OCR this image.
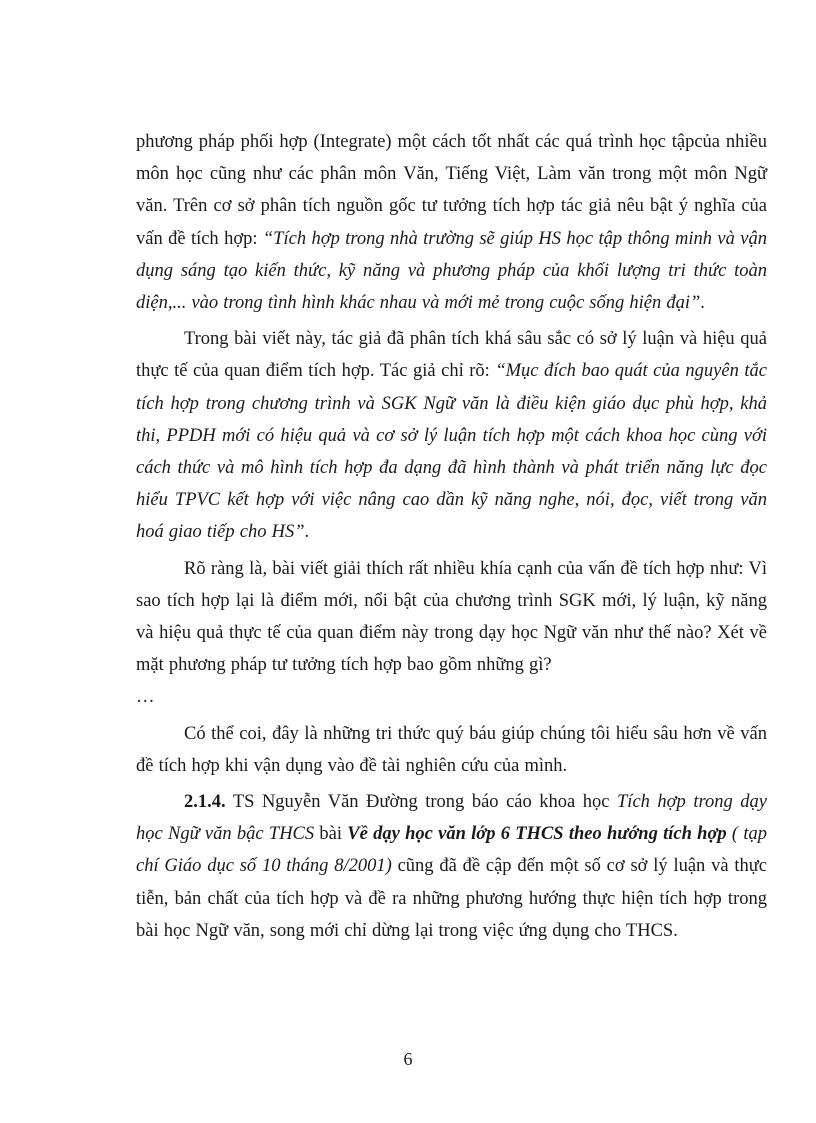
phương pháp phối hợp (Integrate) một cách tốt nhất các quá trình học tậpcủa nhiều môn học cũng như các phân môn Văn, Tiếng Việt, Làm văn trong một môn Ngữ văn. Trên cơ sở phân tích nguồn gốc tư tưởng tích hợp tác giả nêu bật ý nghĩa của vấn đề tích hợp: “Tích hợp trong nhà trường sẽ giúp HS học tập thông minh và vận dụng sáng tạo kiến thức, kỹ năng và phương pháp của khối lượng tri thức toàn diện,... vào trong tình hình khác nhau và mới mẻ trong cuộc sống hiện đại”.

Trong bài viết này, tác giả đã phân tích khá sâu sắc có sở lý luận và hiệu quả thực tế của quan điểm tích hợp. Tác giả chỉ rõ: “Mục đích bao quát của nguyên tắc tích hợp trong chương trình và SGK Ngữ văn là điều kiện giáo dục phù hợp, khả thi, PPDH mới có hiệu quả và cơ sở lý luận tích hợp một cách khoa học cùng với cách thức và mô hình tích hợp đa dạng đã hình thành và phát triển năng lực đọc hiểu TPVC kết hợp với việc nâng cao dần kỹ năng nghe, nói, đọc, viết trong văn hoá giao tiếp cho HS”.

Rõ ràng là, bài viết giải thích rất nhiều khía cạnh của vấn đề tích hợp như: Vì sao tích hợp lại là điểm mới, nổi bật của chương trình SGK mới, lý luận, kỹ năng và hiệu quả thực tế của quan điểm này trong dạy học Ngữ văn như thế nào? Xét về mặt phương pháp tư tưởng tích hợp bao gồm những gì?
…

Có thể coi, đây là những tri thức quý báu giúp chúng tôi hiểu sâu hơn về vấn đề tích hợp khi vận dụng vào đề tài nghiên cứu của mình.

2.1.4. TS Nguyễn Văn Đường trong báo cáo khoa học Tích hợp trong dạy học Ngữ văn bậc THCS bài Về dạy học văn lớp 6 THCS theo hướng tích hợp ( tạp chí Giáo dục số 10 tháng 8/2001) cũng đã đề cập đến một số cơ sở lý luận và thực tiễn, bản chất của tích hợp và đề ra những phương hướng thực hiện tích hợp trong bài học Ngữ văn, song mới chỉ dừng lại trong việc ứng dụng cho THCS.

6
